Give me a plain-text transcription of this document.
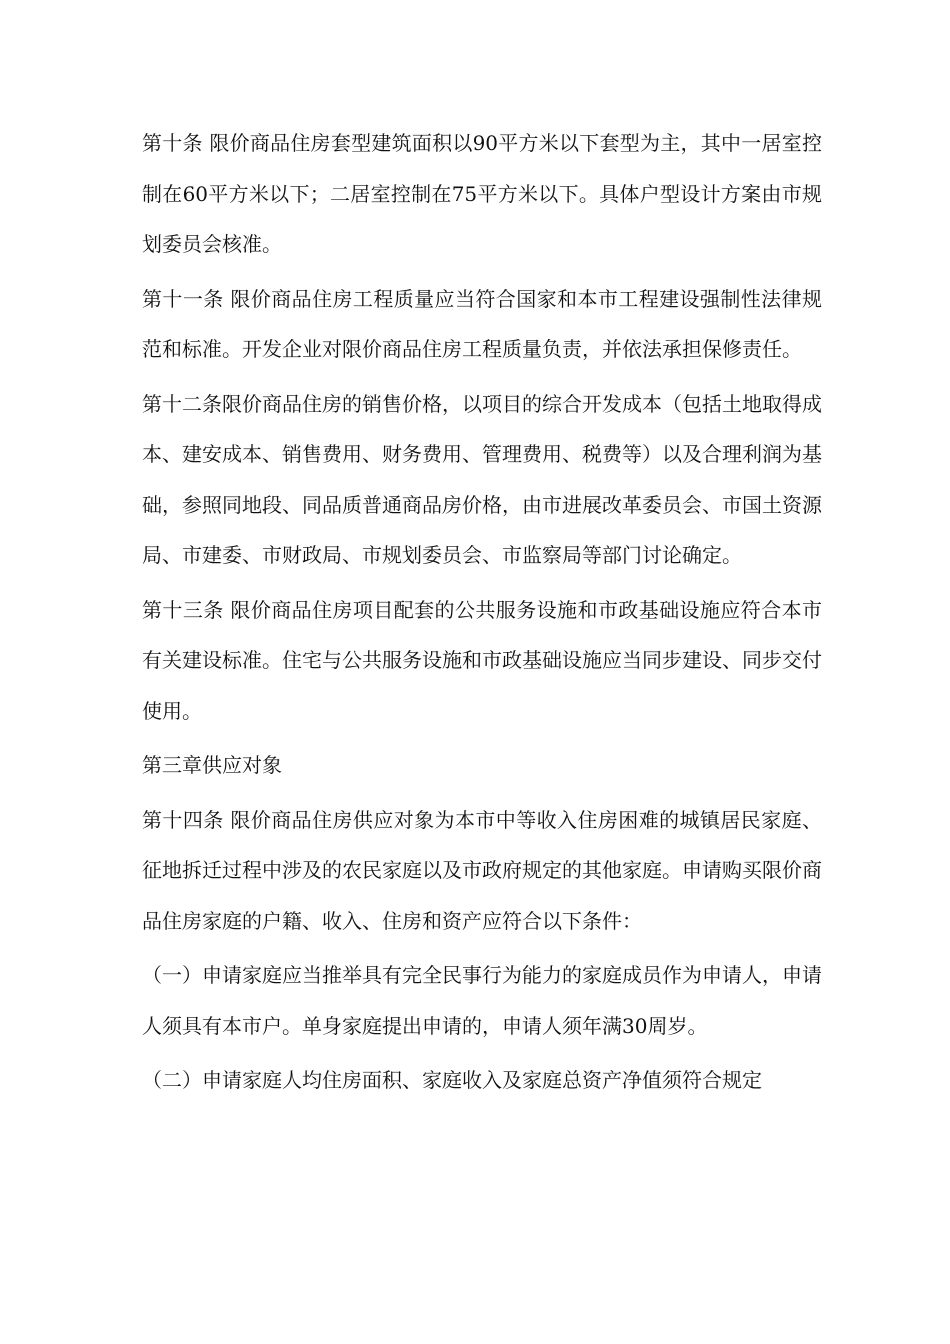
第十条 限价商品住房套型建筑面积以90平方米以下套型为主，其中一居室控制在60平方米以下；二居室控制在75平方米以下。具体户型设计方案由市规划委员会核准。

第十一条 限价商品住房工程质量应当符合国家和本市工程建设强制性法律规范和标准。开发企业对限价商品住房工程质量负责，并依法承担保修责任。

第十二条限价商品住房的销售价格，以项目的综合开发成本（包括土地取得成本、建安成本、销售费用、财务费用、管理费用、税费等）以及合理利润为基础，参照同地段、同品质普通商品房价格，由市进展改革委员会、市国土资源局、市建委、市财政局、市规划委员会、市监察局等部门讨论确定。

第十三条 限价商品住房项目配套的公共服务设施和市政基础设施应符合本市有关建设标准。住宅与公共服务设施和市政基础设施应当同步建设、同步交付使用。

第三章供应对象

第十四条 限价商品住房供应对象为本市中等收入住房困难的城镇居民家庭、征地拆迁过程中涉及的农民家庭以及市政府规定的其他家庭。申请购买限价商品住房家庭的户籍、收入、住房和资产应符合以下条件：

（一）申请家庭应当推举具有完全民事行为能力的家庭成员作为申请人，申请人须具有本市户。单身家庭提出申请的，申请人须年满30周岁。

（二）申请家庭人均住房面积、家庭收入及家庭总资产净值须符合规定
